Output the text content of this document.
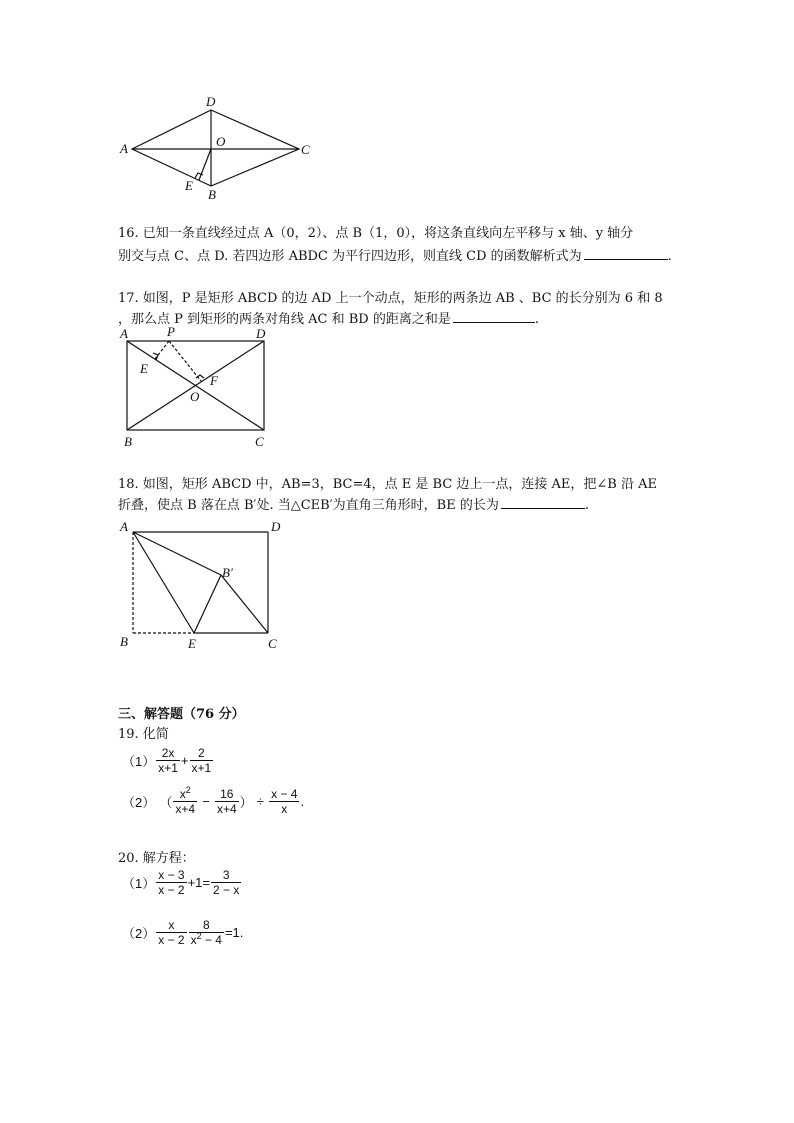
A
D
O
C
E
B
16. 已知一条直线经过点 A（0，2）、点 B（1，0），将这条直线向左平移与 x 轴、y 轴分
别交与点 C、点 D. 若四边形 ABDC 为平行四边形，则直线 CD 的函数解析式为	.
17. 如图，P 是矩形 ABCD 的边 AD 上一个动点，矩形的两条边 AB 、BC 的长分别为 6 和 8
，那么点 P 到矩形的两条对角线 AC 和 BD 的距离之和是	.
A	P	D
E
F
O
B	C
18. 如图，矩形 ABCD 中，AB=3，BC=4，点 E 是 BC 边上一点，连接 AE，把∠B 沿 AE
折叠，使点 B 落在点 B′处. 当△CEB′为直角三角形时，BE 的长为	.
A	D
B′
B	E	C
三、解答题（76 分）
19. 化简
$(1) \frac{2x}{x+1} + \frac{2}{x+1}$
（2） （ $\frac{x^2}{x+4} - \frac{16}{x+4}$ ） ÷ $\frac{x - 4}{x}$ .
20. 解方程：
$(1) \frac{x - 3}{x - 2} +1= \frac{3}{2 - x}$
$(2) \frac{x}{x - 2} \frac{8}{x^2 - 4} =1$.
